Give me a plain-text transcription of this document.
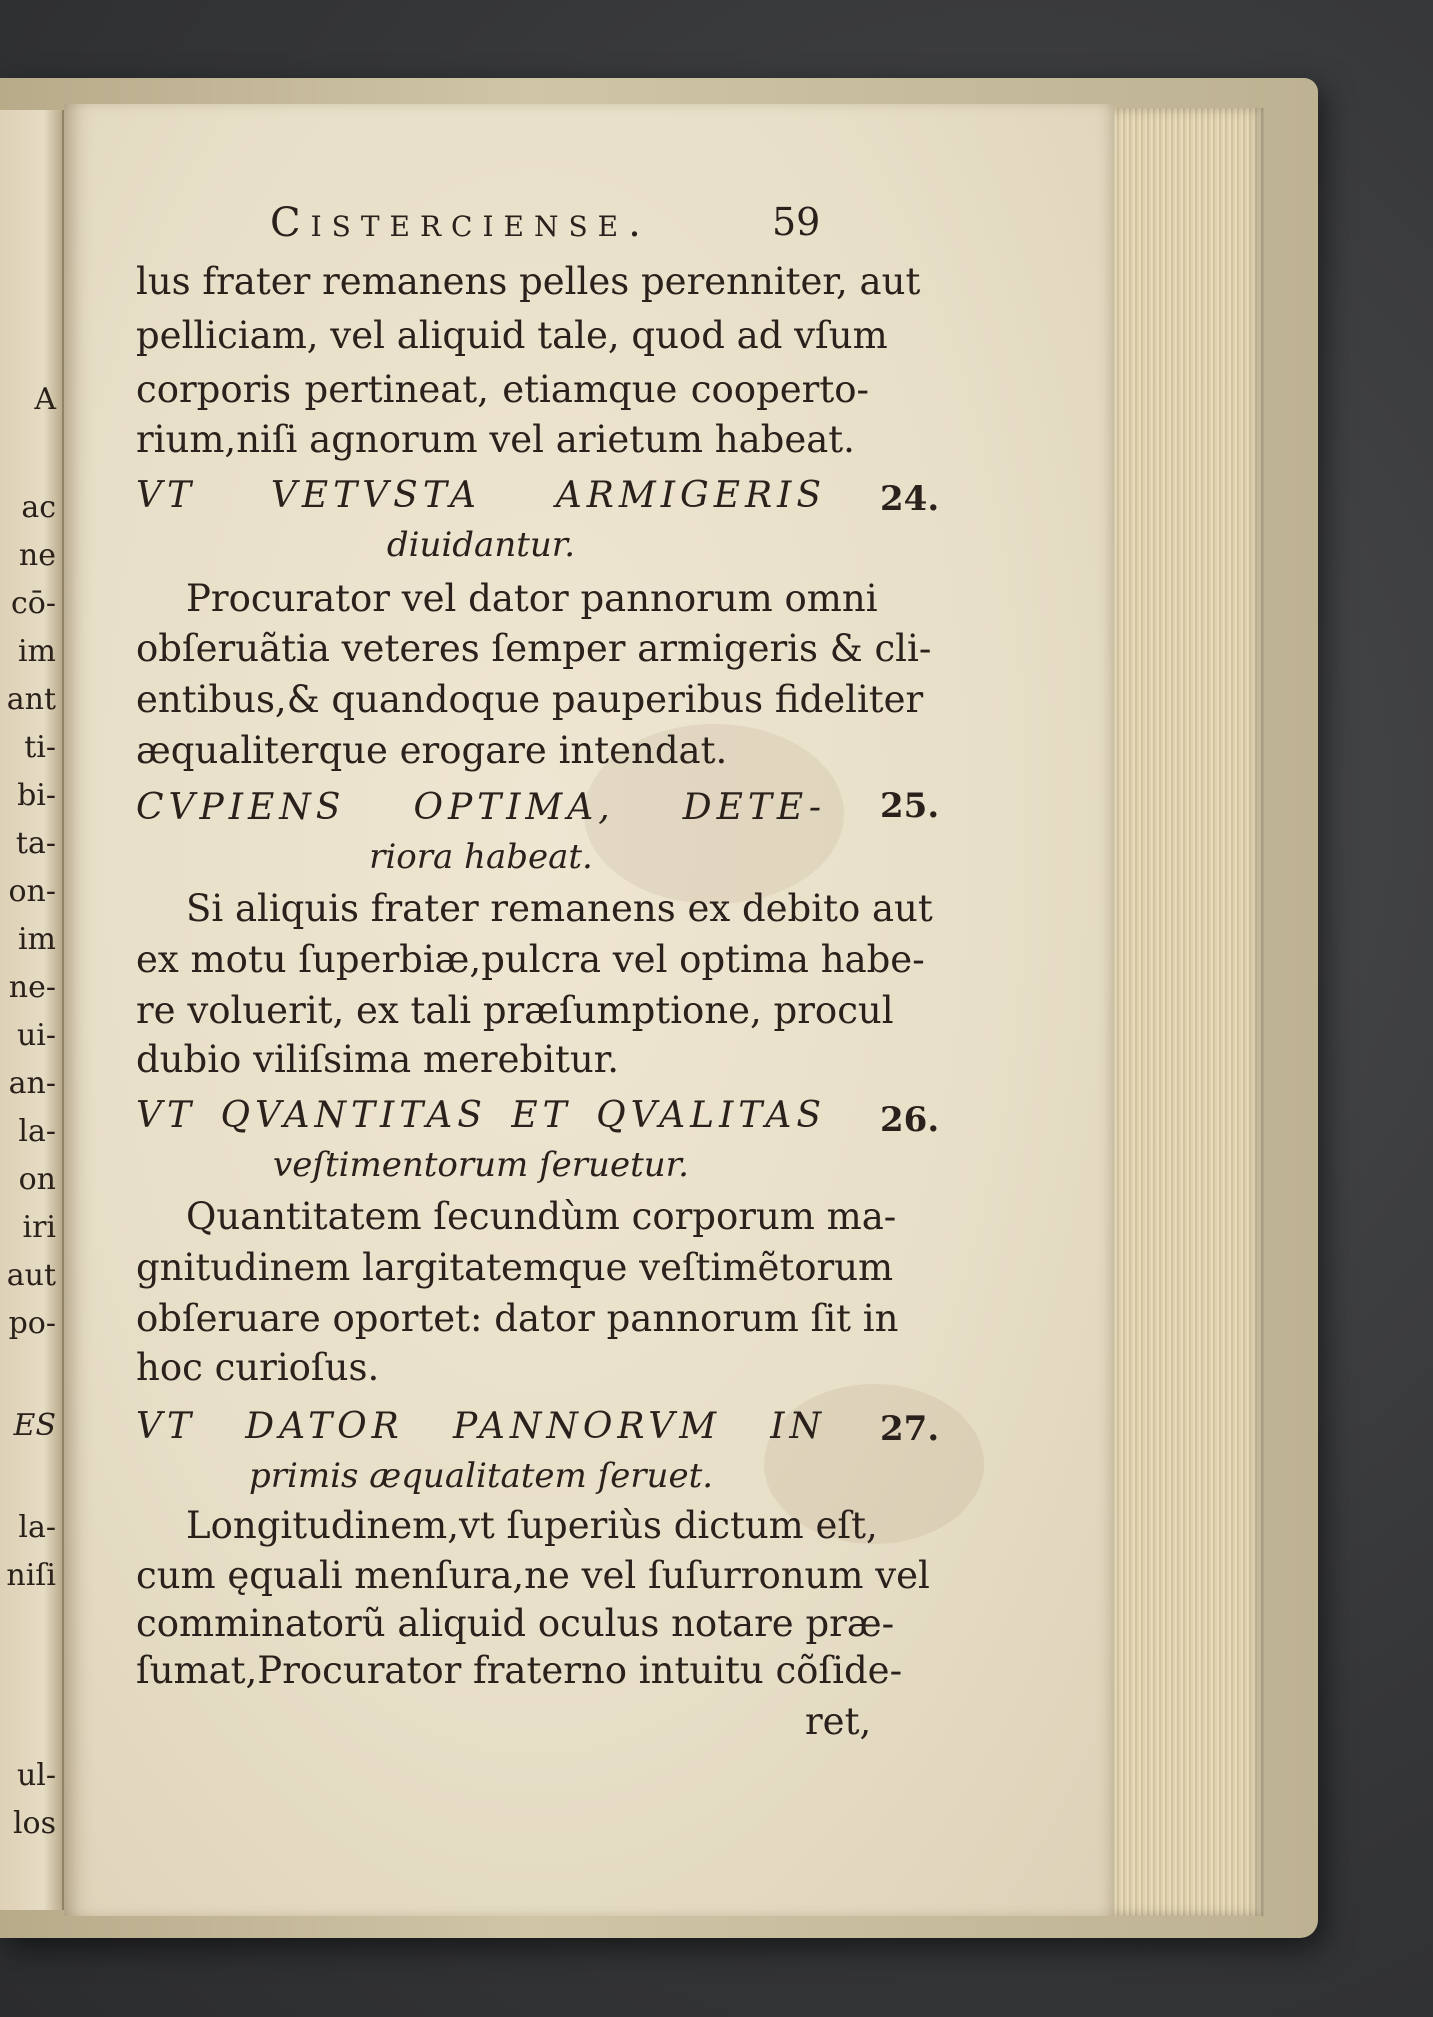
A
ac
ne
cō-
im
ant
ti-
bi-
ta-
on-
im
ne-
ui-
an-
la-
on
iri
aut
po-
ES
la-
niſi
ul-
los
Cistercienſe.	59
lus frater remanens pelles perenniter, aut
pelliciam, vel aliquid tale, quod ad vſum
corporis pertineat, etiamque cooperto-
rium,niſi agnorum vel arietum habeat.
VT VETVSTA ARMIGERIS 24.
diuidantur.
Procurator vel dator pannorum omni
obſeruãtia veteres ſemper armigeris & cli-
entibus,& quandoque pauperibus fideliter
æqualiterque erogare intendat.
CVPIENS OPTIMA, DETE- 25.
riora habeat.
Si aliquis frater remanens ex debito aut
ex motu ſuperbiæ,pulcra vel optima habe-
re voluerit, ex tali præſumptione, procul
dubio viliſsima merebitur.
VT QVANTITAS ET QVALITAS 26.
veſtimentorum ſeruetur.
Quantitatem ſecundùm corporum ma-
gnitudinem largitatemque veſtimẽtorum
obſeruare oportet: dator pannorum ſit in
hoc curioſus.
VT DATOR PANNORVM IN 27.
primis æqualitatem ſeruet.
Longitudinem,vt ſuperiùs dictum eſt,
cum ęquali menſura,ne vel ſuſurronum vel
comminatorũ aliquid oculus notare præ-
ſumat,Procurator fraterno intuitu cõſide-
ret,
